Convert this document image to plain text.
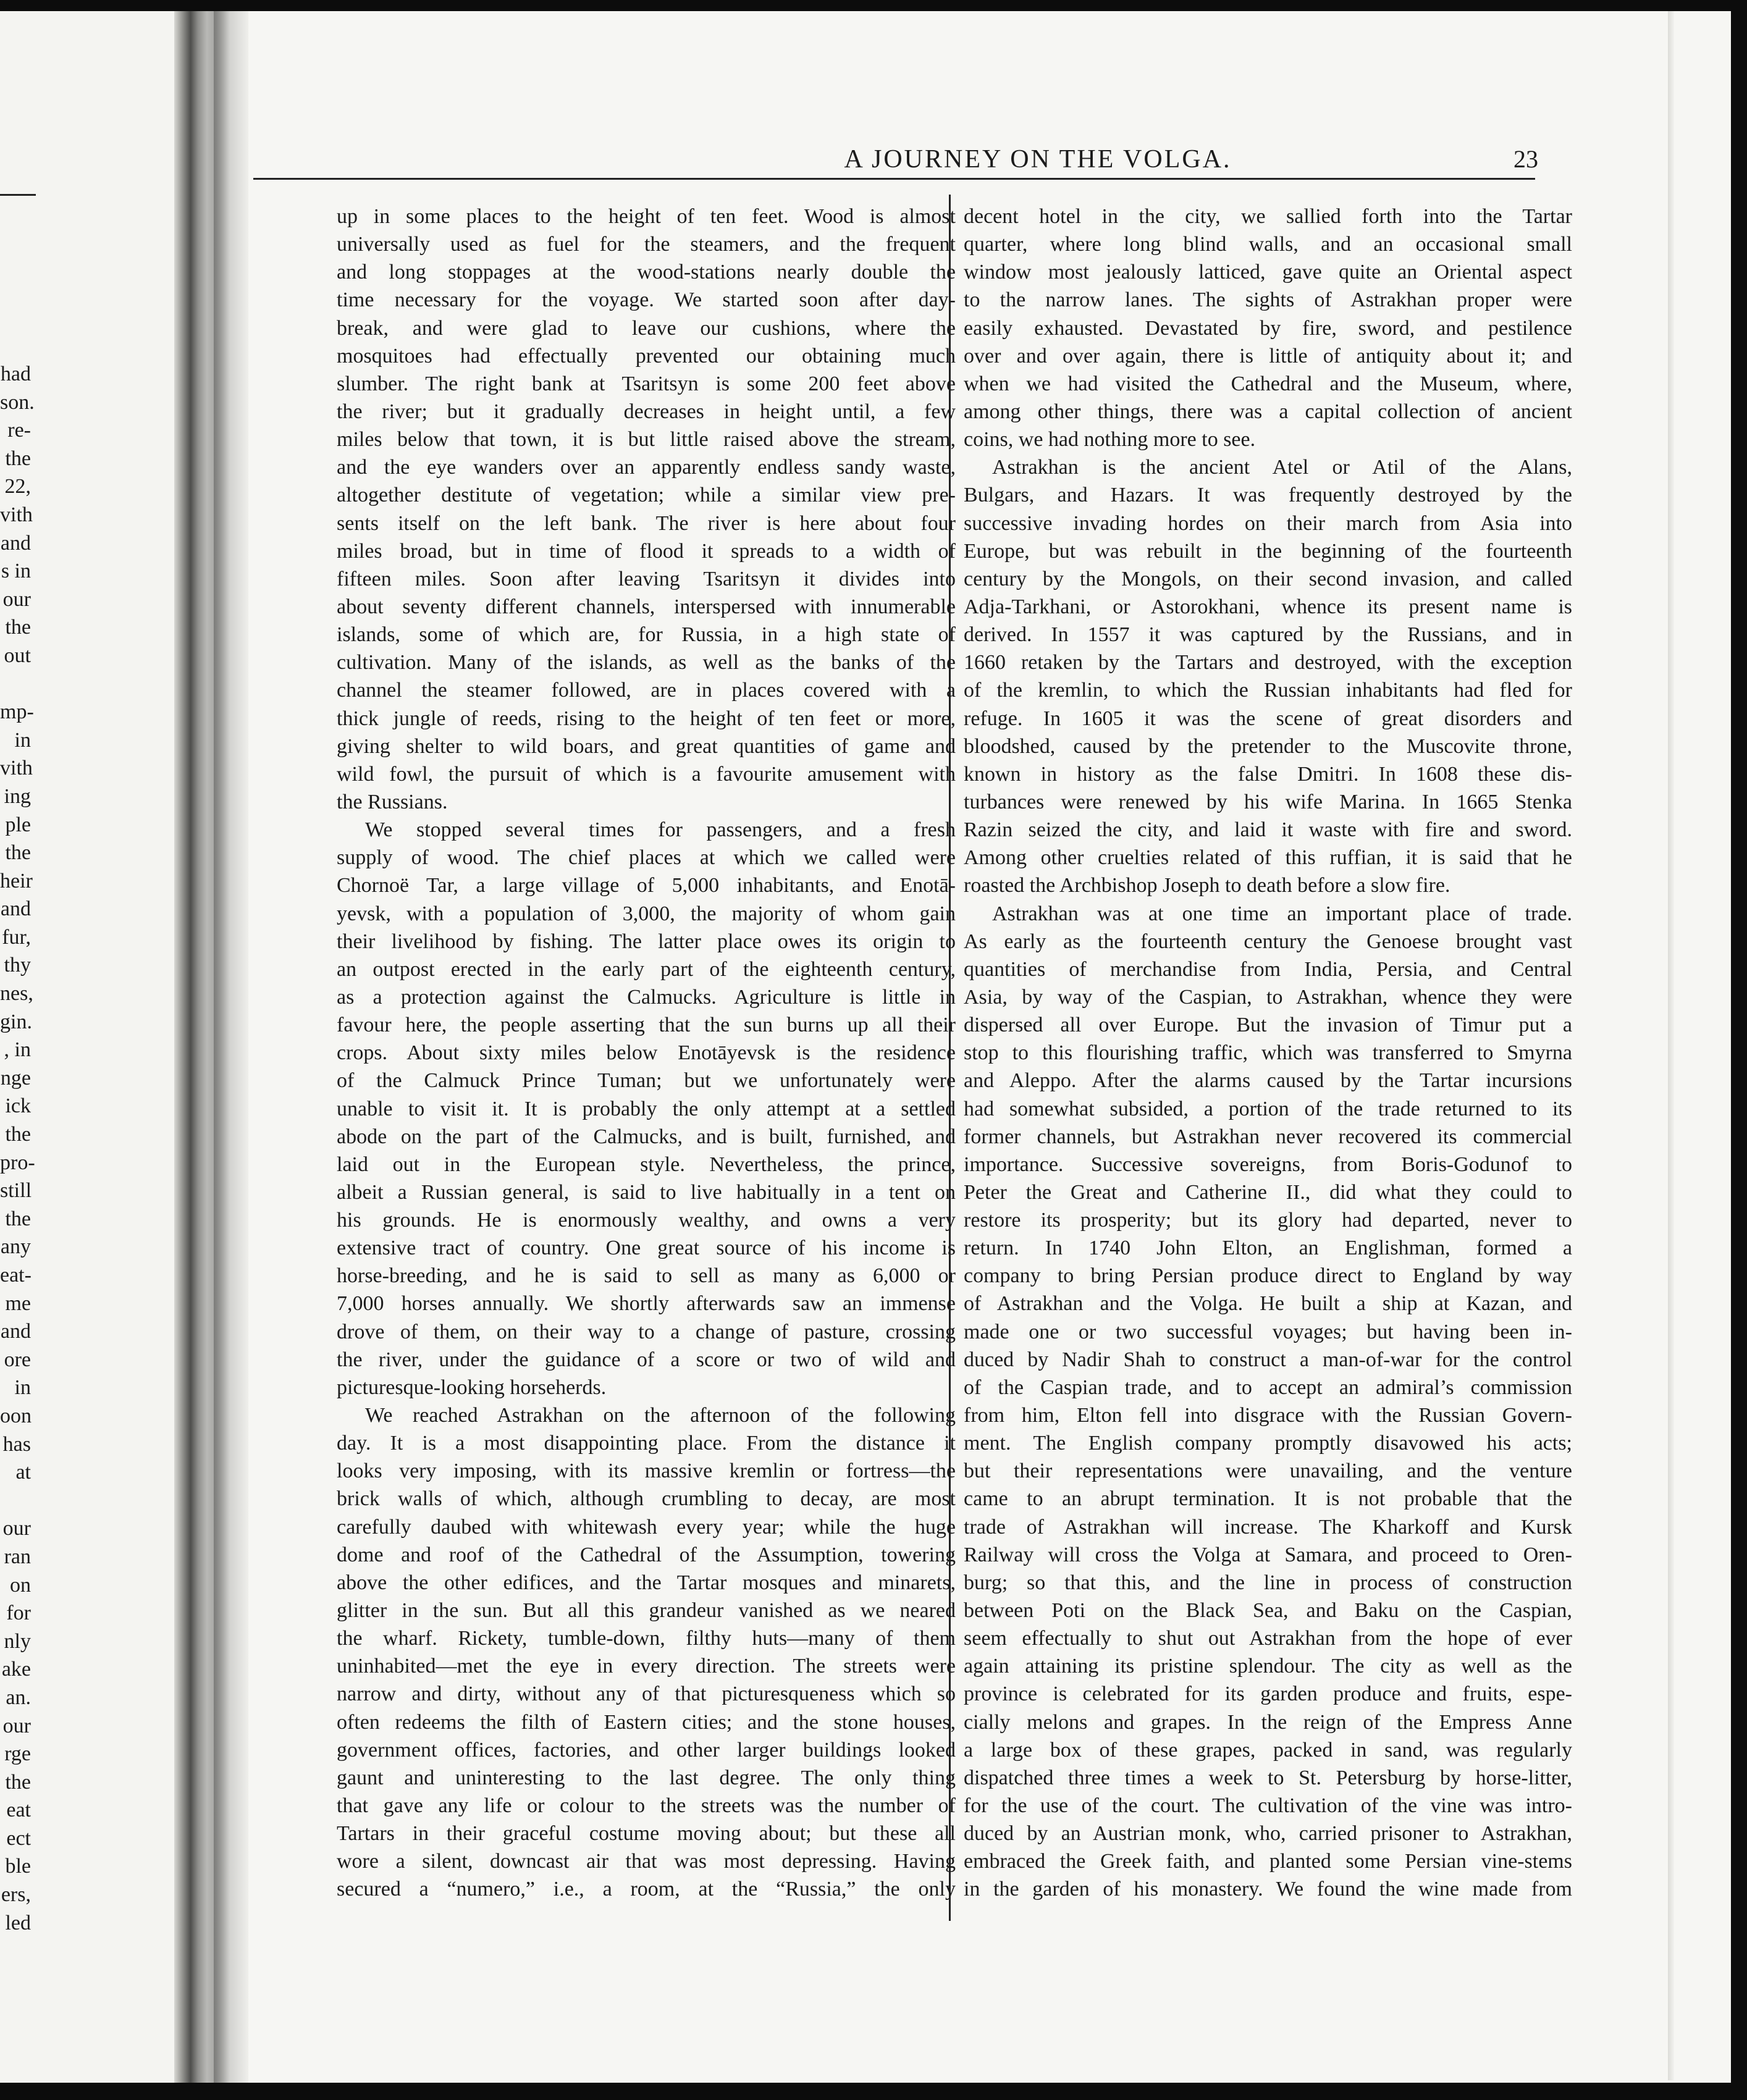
had
son.
re-
the
22,
vith
and
s in
our
the
out
mp-
in
vith
ing
ple
the
heir
and
fur,
thy
nes,
gin.
, in
nge
ick
the
pro-
still
the
any
eat-
me
and
ore
in
oon
has
at
our
ran
on
for
nly
ake
an.
our
rge
the
eat
ect
ble
ers,
led
A JOURNEY ON THE VOLGA.	23
up in some places to the height of ten feet. Wood is almost
universally used as fuel for the steamers, and the frequent
and long stoppages at the wood-stations nearly double the
time necessary for the voyage. We started soon after day-
break, and were glad to leave our cushions, where the
mosquitoes had effectually prevented our obtaining much
slumber. The right bank at Tsaritsyn is some 200 feet above
the river; but it gradually decreases in height until, a few
miles below that town, it is but little raised above the stream,
and the eye wanders over an apparently endless sandy waste,
altogether destitute of vegetation; while a similar view pre-
sents itself on the left bank. The river is here about four
miles broad, but in time of flood it spreads to a width of
fifteen miles. Soon after leaving Tsaritsyn it divides into
about seventy different channels, interspersed with innumerable
islands, some of which are, for Russia, in a high state of
cultivation. Many of the islands, as well as the banks of the
channel the steamer followed, are in places covered with a
thick jungle of reeds, rising to the height of ten feet or more,
giving shelter to wild boars, and great quantities of game and
wild fowl, the pursuit of which is a favourite amusement with
the Russians.
We stopped several times for passengers, and a fresh
supply of wood. The chief places at which we called were
Chornoë Tar, a large village of 5,000 inhabitants, and Enotā-
yevsk, with a population of 3,000, the majority of whom gain
their livelihood by fishing. The latter place owes its origin to
an outpost erected in the early part of the eighteenth century,
as a protection against the Calmucks. Agriculture is little in
favour here, the people asserting that the sun burns up all their
crops. About sixty miles below Enotāyevsk is the residence
of the Calmuck Prince Tuman; but we unfortunately were
unable to visit it. It is probably the only attempt at a settled
abode on the part of the Calmucks, and is built, furnished, and
laid out in the European style. Nevertheless, the prince,
albeit a Russian general, is said to live habitually in a tent on
his grounds. He is enormously wealthy, and owns a very
extensive tract of country. One great source of his income is
horse-breeding, and he is said to sell as many as 6,000 or
7,000 horses annually. We shortly afterwards saw an immense
drove of them, on their way to a change of pasture, crossing
the river, under the guidance of a score or two of wild and
picturesque-looking horseherds.
We reached Astrakhan on the afternoon of the following
day. It is a most disappointing place. From the distance it
looks very imposing, with its massive kremlin or fortress—the
brick walls of which, although crumbling to decay, are most
carefully daubed with whitewash every year; while the huge
dome and roof of the Cathedral of the Assumption, towering
above the other edifices, and the Tartar mosques and minarets,
glitter in the sun. But all this grandeur vanished as we neared
the wharf. Rickety, tumble-down, filthy huts—many of them
uninhabited—met the eye in every direction. The streets were
narrow and dirty, without any of that picturesqueness which so
often redeems the filth of Eastern cities; and the stone houses,
government offices, factories, and other larger buildings looked
gaunt and uninteresting to the last degree. The only thing
that gave any life or colour to the streets was the number of
Tartars in their graceful costume moving about; but these all
wore a silent, downcast air that was most depressing. Having
secured a “numero,” i.e., a room, at the “Russia,” the only
decent hotel in the city, we sallied forth into the Tartar
quarter, where long blind walls, and an occasional small
window most jealously latticed, gave quite an Oriental aspect
to the narrow lanes. The sights of Astrakhan proper were
easily exhausted. Devastated by fire, sword, and pestilence
over and over again, there is little of antiquity about it; and
when we had visited the Cathedral and the Museum, where,
among other things, there was a capital collection of ancient
coins, we had nothing more to see.
Astrakhan is the ancient Atel or Atil of the Alans,
Bulgars, and Hazars. It was frequently destroyed by the
successive invading hordes on their march from Asia into
Europe, but was rebuilt in the beginning of the fourteenth
century by the Mongols, on their second invasion, and called
Adja-Tarkhani, or Astorokhani, whence its present name is
derived. In 1557 it was captured by the Russians, and in
1660 retaken by the Tartars and destroyed, with the exception
of the kremlin, to which the Russian inhabitants had fled for
refuge. In 1605 it was the scene of great disorders and
bloodshed, caused by the pretender to the Muscovite throne,
known in history as the false Dmitri. In 1608 these dis-
turbances were renewed by his wife Marina. In 1665 Stenka
Razin seized the city, and laid it waste with fire and sword.
Among other cruelties related of this ruffian, it is said that he
roasted the Archbishop Joseph to death before a slow fire.
Astrakhan was at one time an important place of trade.
As early as the fourteenth century the Genoese brought vast
quantities of merchandise from India, Persia, and Central
Asia, by way of the Caspian, to Astrakhan, whence they were
dispersed all over Europe. But the invasion of Timur put a
stop to this flourishing traffic, which was transferred to Smyrna
and Aleppo. After the alarms caused by the Tartar incursions
had somewhat subsided, a portion of the trade returned to its
former channels, but Astrakhan never recovered its commercial
importance. Successive sovereigns, from Boris-Godunof to
Peter the Great and Catherine II., did what they could to
restore its prosperity; but its glory had departed, never to
return. In 1740 John Elton, an Englishman, formed a
company to bring Persian produce direct to England by way
of Astrakhan and the Volga. He built a ship at Kazan, and
made one or two successful voyages; but having been in-
duced by Nadir Shah to construct a man-of-war for the control
of the Caspian trade, and to accept an admiral’s commission
from him, Elton fell into disgrace with the Russian Govern-
ment. The English company promptly disavowed his acts;
but their representations were unavailing, and the venture
came to an abrupt termination. It is not probable that the
trade of Astrakhan will increase. The Kharkoff and Kursk
Railway will cross the Volga at Samara, and proceed to Oren-
burg; so that this, and the line in process of construction
between Poti on the Black Sea, and Baku on the Caspian,
seem effectually to shut out Astrakhan from the hope of ever
again attaining its pristine splendour. The city as well as the
province is celebrated for its garden produce and fruits, espe-
cially melons and grapes. In the reign of the Empress Anne
a large box of these grapes, packed in sand, was regularly
dispatched three times a week to St. Petersburg by horse-litter,
for the use of the court. The cultivation of the vine was intro-
duced by an Austrian monk, who, carried prisoner to Astrakhan,
embraced the Greek faith, and planted some Persian vine-stems
in the garden of his monastery. We found the wine made from
